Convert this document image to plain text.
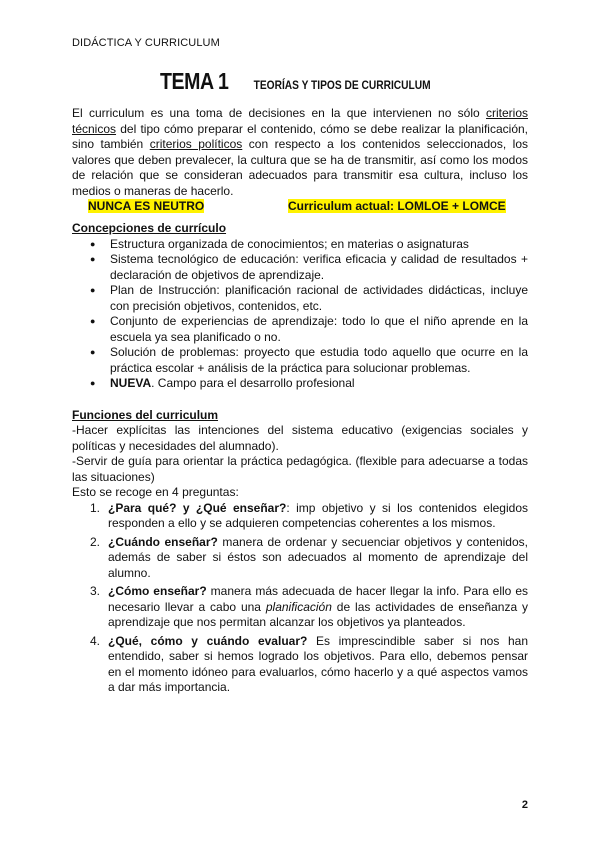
DIDÁCTICA Y CURRICULUM
TEMA 1 TEORÍAS Y TIPOS DE CURRICULUM

El curriculum es una toma de decisiones en la que intervienen no sólo criterios técnicos del tipo cómo preparar el contenido, cómo se debe realizar la planificación, sino también criterios políticos con respecto a los contenidos seleccionados, los valores que deben prevalecer, la cultura que se ha de transmitir, así como los modos de relación que se consideran adecuados para transmitir esa cultura, incluso los medios o maneras de hacerlo.

NUNCA ES NEUTRO	Curriculum actual: LOMLOE + LOMCE
Concepciones de currículo
● Estructura organizada de conocimientos; en materias o asignaturas
● Sistema tecnológico de educación: verifica eficacia y calidad de resultados + declaración de objetivos de aprendizaje.
● Plan de Instrucción: planificación racional de actividades didácticas, incluye con precisión objetivos, contenidos, etc.
● Conjunto de experiencias de aprendizaje: todo lo que el niño aprende en la escuela ya sea planificado o no.
● Solución de problemas: proyecto que estudia todo aquello que ocurre en la práctica escolar + análisis de la práctica para solucionar problemas.
● NUEVA. Campo para el desarrollo profesional
Funciones del curriculum

-Hacer explícitas las intenciones del sistema educativo (exigencias sociales y políticas y necesidades del alumnado).

-Servir de guía para orientar la práctica pedagógica. (flexible para adecuarse a todas las situaciones)

Esto se recoge en 4 preguntas:

1. ¿Para qué? y ¿Qué enseñar?: imp objetivo y si los contenidos elegidos responden a ello y se adquieren competencias coherentes a los mismos.
2. ¿Cuándo enseñar? manera de ordenar y secuenciar objetivos y contenidos, además de saber si éstos son adecuados al momento de aprendizaje del alumno.
3. ¿Cómo enseñar? manera más adecuada de hacer llegar la info. Para ello es necesario llevar a cabo una planificación de las actividades de enseñanza y aprendizaje que nos permitan alcanzar los objetivos ya planteados.
4. ¿Qué, cómo y cuándo evaluar? Es imprescindible saber si nos han entendido, saber si hemos logrado los objetivos. Para ello, debemos pensar en el momento idóneo para evaluarlos, cómo hacerlo y a qué aspectos vamos a dar más importancia.
2
